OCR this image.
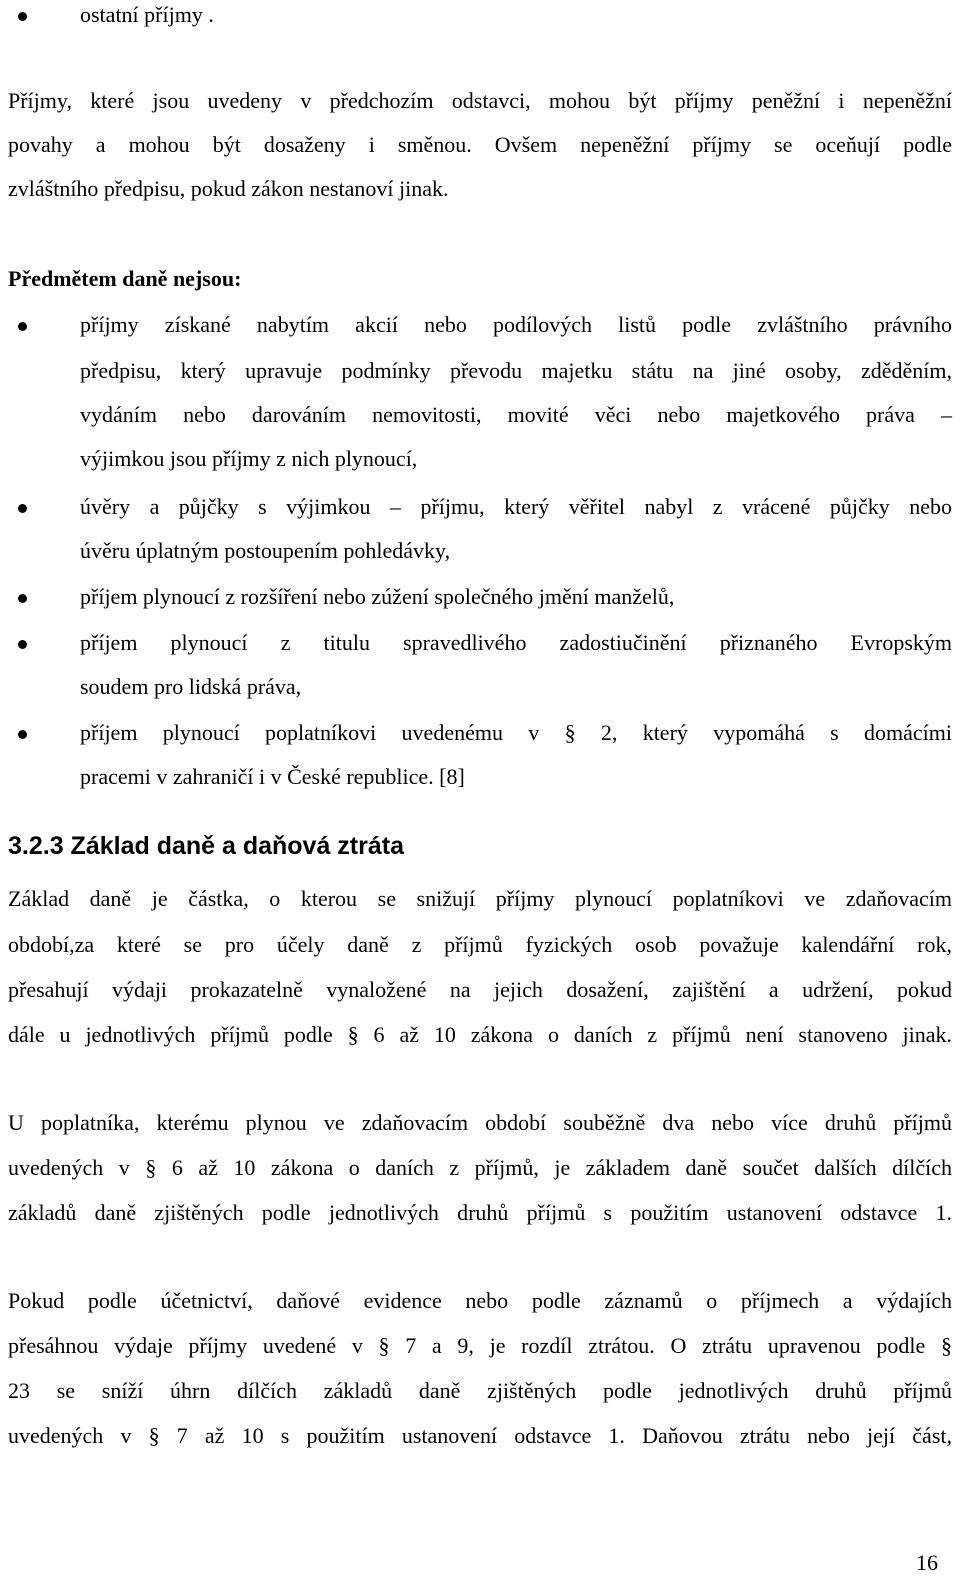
ostatní příjmy .
Příjmy, které jsou uvedeny v předchozím odstavci, mohou být příjmy peněžní i nepeněžní
povahy a mohou být dosaženy i směnou. Ovšem nepeněžní příjmy se oceňují podle
zvláštního předpisu, pokud zákon nestanoví jinak.
Předmětem daně nejsou:
příjmy získané nabytím akcií nebo podílových listů podle zvláštního právního
předpisu, který upravuje podmínky převodu majetku státu na jiné osoby, zděděním,
vydáním nebo darováním nemovitosti, movité věci nebo majetkového práva –
výjimkou jsou příjmy z nich plynoucí,
úvěry a půjčky s výjimkou – příjmu, který věřitel nabyl z vrácené půjčky nebo
úvěru úplatným postoupením pohledávky,
příjem plynoucí z rozšíření nebo zúžení společného jmění manželů,
příjem plynoucí z titulu spravedlivého zadostiučinění přiznaného Evropským
soudem pro lidská práva,
příjem plynoucí poplatníkovi uvedenému v § 2, který vypomáhá s domácími
pracemi v zahraničí i v České republice. [8]
3.2.3 Základ daně a daňová ztráta
Základ daně je částka, o kterou se snižují příjmy plynoucí poplatníkovi ve zdaňovacím
období,za které se pro účely daně z příjmů fyzických osob považuje kalendářní rok,
přesahují výdaji prokazatelně vynaložené na jejich dosažení, zajištění a udržení, pokud
dále u jednotlivých příjmů podle § 6 až 10 zákona o daních z příjmů není stanoveno jinak.
U poplatníka, kterému plynou ve zdaňovacím období souběžně dva nebo více druhů příjmů
uvedených v § 6 až 10 zákona o daních z příjmů, je základem daně součet dalších dílčích
základů daně zjištěných podle jednotlivých druhů příjmů s použitím ustanovení odstavce 1.
Pokud podle účetnictví, daňové evidence nebo podle záznamů o příjmech a výdajích
přesáhnou výdaje příjmy uvedené v § 7 a 9, je rozdíl ztrátou. O ztrátu upravenou podle §
23 se sníží úhrn dílčích základů daně zjištěných podle jednotlivých druhů příjmů
uvedených v § 7 až 10 s použitím ustanovení odstavce 1. Daňovou ztrátu nebo její část,
16
